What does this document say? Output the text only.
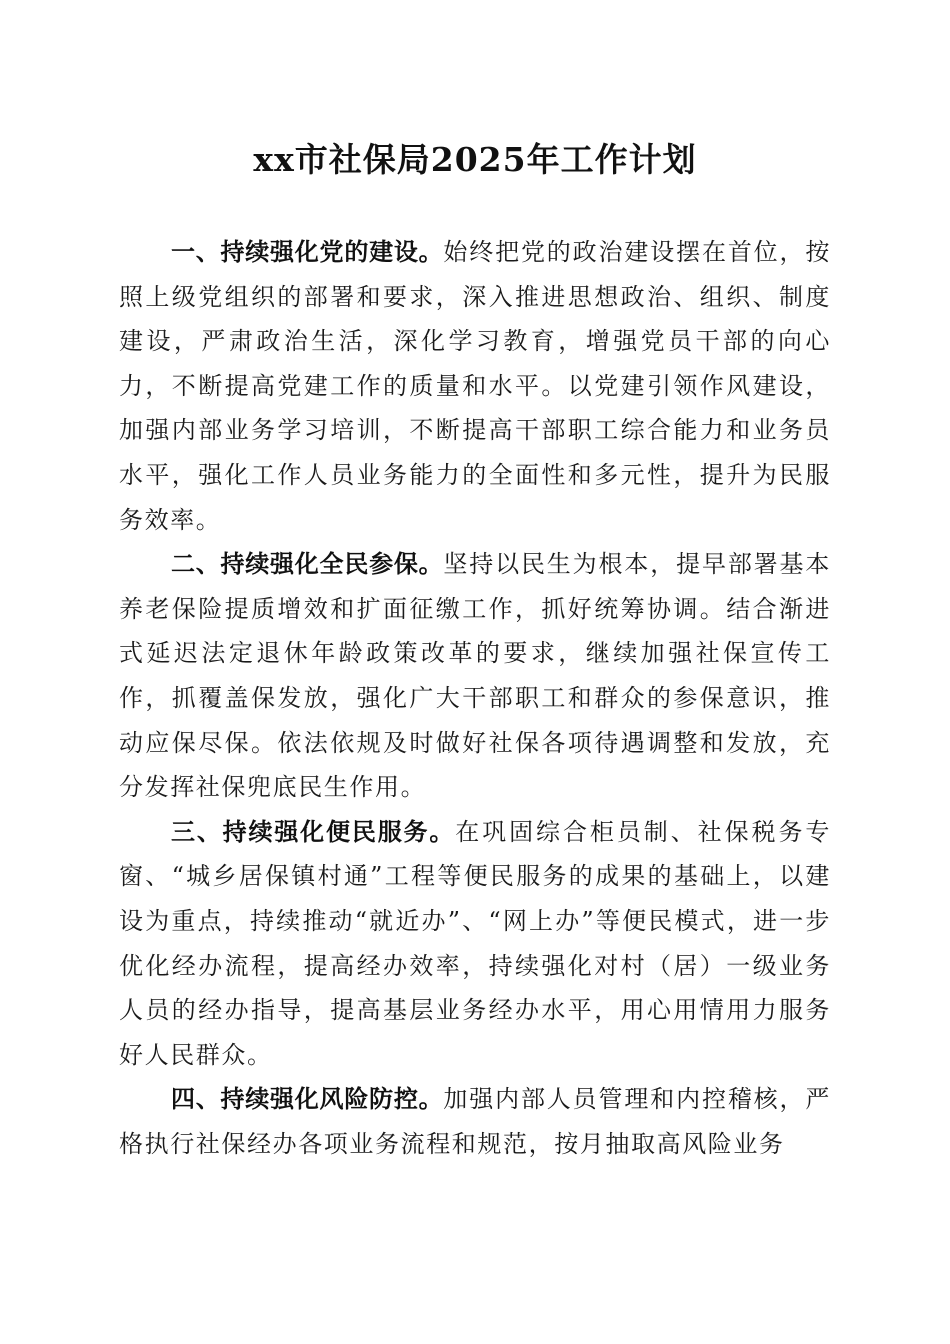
xx市社保局2025年工作计划

一、持续强化党的建设。始终把党的政治建设摆在首位，按照上级党组织的部署和要求，深入推进思想政治、组织、制度建设，严肃政治生活，深化学习教育，增强党员干部的向心力，不断提高党建工作的质量和水平。以党建引领作风建设，加强内部业务学习培训，不断提高干部职工综合能力和业务员水平，强化工作人员业务能力的全面性和多元性，提升为民服务效率。

二、持续强化全民参保。坚持以民生为根本，提早部署基本养老保险提质增效和扩面征缴工作，抓好统筹协调。结合渐进式延迟法定退休年龄政策改革的要求，继续加强社保宣传工作，抓覆盖保发放，强化广大干部职工和群众的参保意识，推动应保尽保。依法依规及时做好社保各项待遇调整和发放，充分发挥社保兜底民生作用。

三、持续强化便民服务。在巩固综合柜员制、社保税务专窗、“城乡居保镇村通”工程等便民服务的成果的基础上，以建设为重点，持续推动“就近办”、“网上办”等便民模式，进一步优化经办流程，提高经办效率，持续强化对村（居）一级业务人员的经办指导，提高基层业务经办水平，用心用情用力服务好人民群众。

四、持续强化风险防控。加强内部人员管理和内控稽核，严格执行社保经办各项业务流程和规范，按月抽取高风险业务
